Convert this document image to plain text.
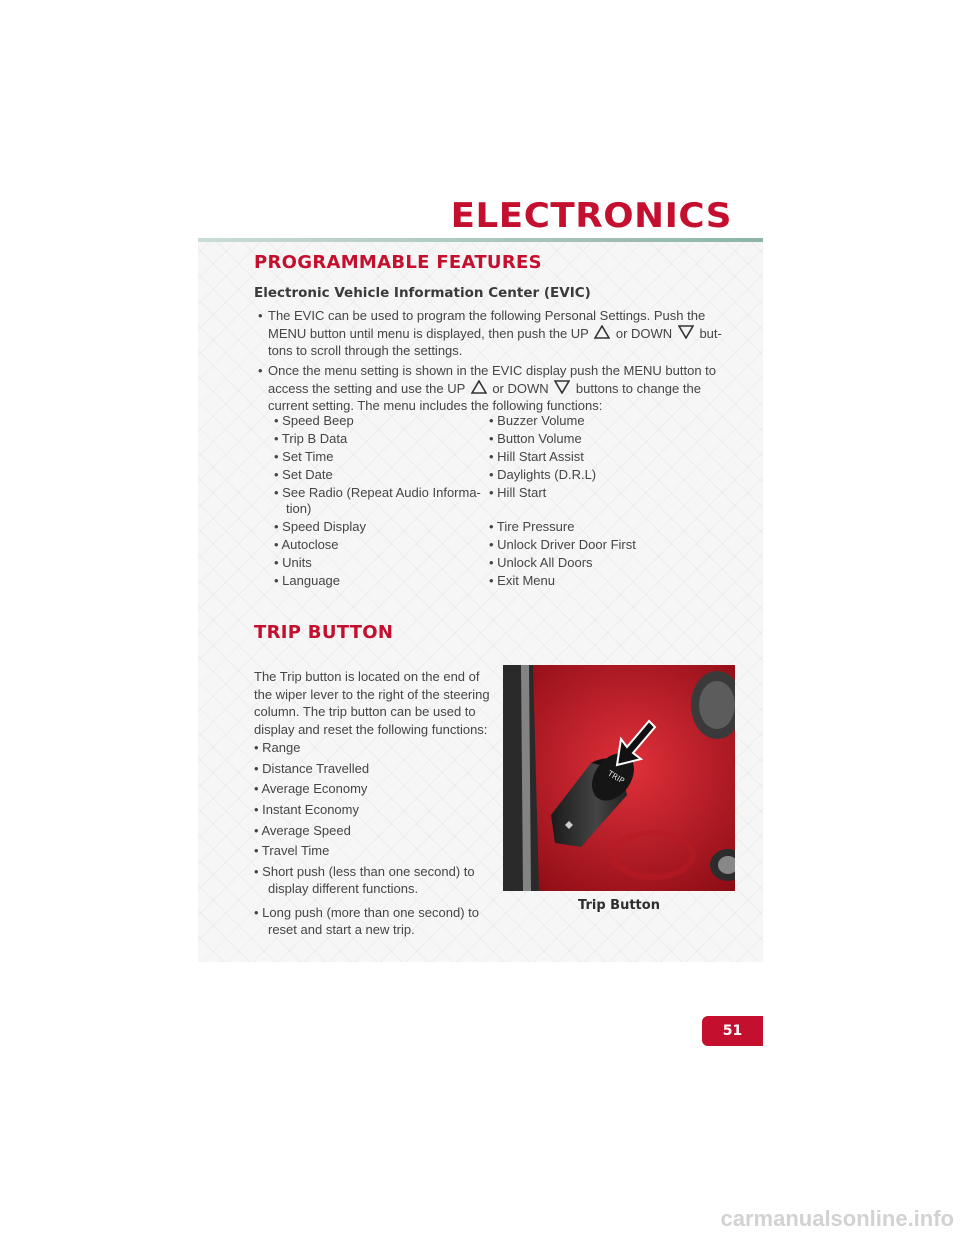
ELECTRONICS
PROGRAMMABLE FEATURES
Electronic Vehicle Information Center (EVIC)
• The EVIC can be used to program the following Personal Settings. Push the
MENU button until menu is displayed, then push the UP or DOWN but-
tons to scroll through the settings.
• Once the menu setting is shown in the EVIC display push the MENU button to
access the setting and use the UP or DOWN buttons to change the
current setting. The menu includes the following functions:
• Speed Beep
• Trip B Data
• Set Time
• Set Date
• See Radio (Repeat Audio Informa-
tion)
• Speed Display
• Autoclose
• Units
• Language
• Buzzer Volume
• Button Volume
• Hill Start Assist
• Daylights (D.R.L)
• Hill Start
• Tire Pressure
• Unlock Driver Door First
• Unlock All Doors
• Exit Menu
TRIP BUTTON
The Trip button is located on the end of the wiper lever to the right of the steering column. The trip button can be used to display and reset the following functions:
• Range
• Distance Travelled
• Average Economy
• Instant Economy
• Average Speed
• Travel Time
• Short push (less than one second) to
display different functions.
• Long push (more than one second) to
reset and start a new trip.
TRIP
Trip Button
51
carmanualsonline.info
